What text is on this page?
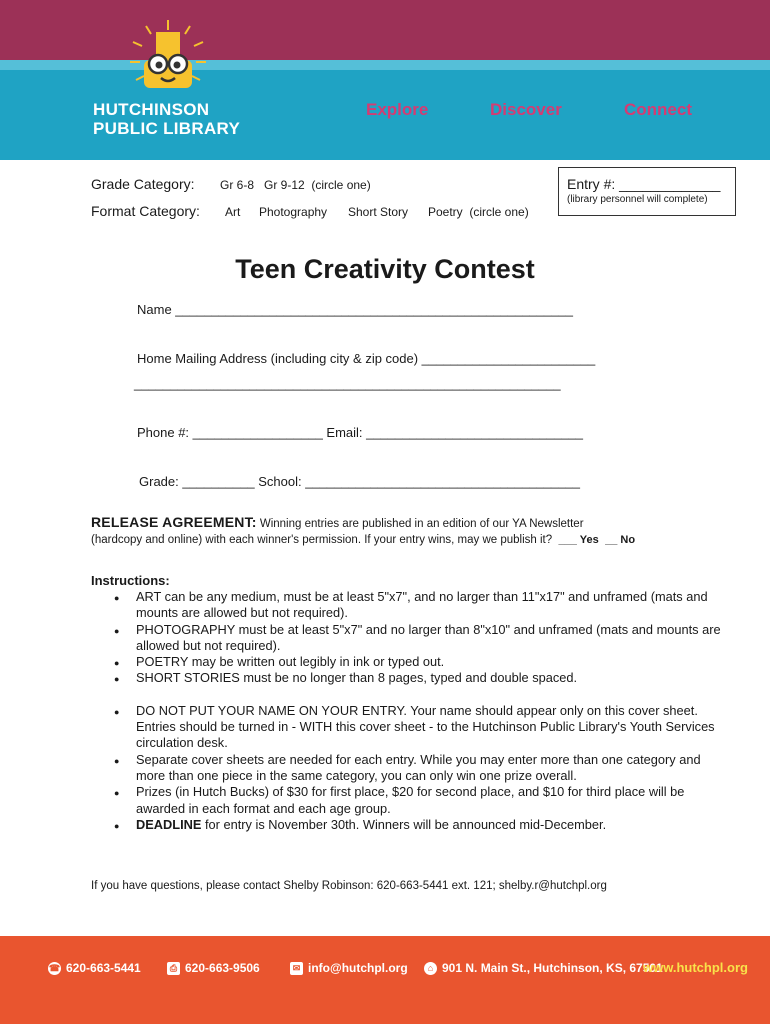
HUTCHINSON
PUBLIC LIBRARY
Explore	Discover	Connect
Grade Category: Gr 6-8   Gr 9-12  (circle one)
Format Category: Art Photography Short Story Poetry  (circle one)
Entry #: _____________
(library personnel will complete)
Teen Creativity Contest
Name _______________________________________________________
Home Mailing Address (including city & zip code) ________________________
___________________________________________________________
Phone #: __________________ Email: ______________________________
Grade: __________ School: ______________________________________
RELEASE AGREEMENT: Winning entries are published in an edition of our YA Newsletter
(hardcopy and online) with each winner's permission. If your entry wins, may we publish it? ___ Yes __ No
Instructions:
● ART can be any medium, must be at least 5"x7", and no larger than 11"x17" and unframed (mats and mounts are allowed but not required).
● PHOTOGRAPHY must be at least 5"x7" and no larger than 8"x10" and unframed (mats and mounts are allowed but not required).
● POETRY may be written out legibly in ink or typed out.
● SHORT STORIES must be no longer than 8 pages, typed and double spaced.
● DO NOT PUT YOUR NAME ON YOUR ENTRY. Your name should appear only on this cover sheet. Entries should be turned in - WITH this cover sheet - to the Hutchinson Public Library's Youth Services circulation desk.
● Separate cover sheets are needed for each entry. While you may enter more than one category and more than one piece in the same category, you can only win one prize overall.
● Prizes (in Hutch Bucks) of $30 for first place, $20 for second place, and $10 for third place will be awarded in each format and each age group.
● DEADLINE for entry is November 30th. Winners will be announced mid-December.
If you have questions, please contact Shelby Robinson: 620-663-5441 ext. 121; shelby.r@hutchpl.org
☎ 620-663-5441	⎙ 620-663-9506	✉ info@hutchpl.org	⌂ 901 N. Main St., Hutchinson, KS, 67501
www.hutchpl.org
